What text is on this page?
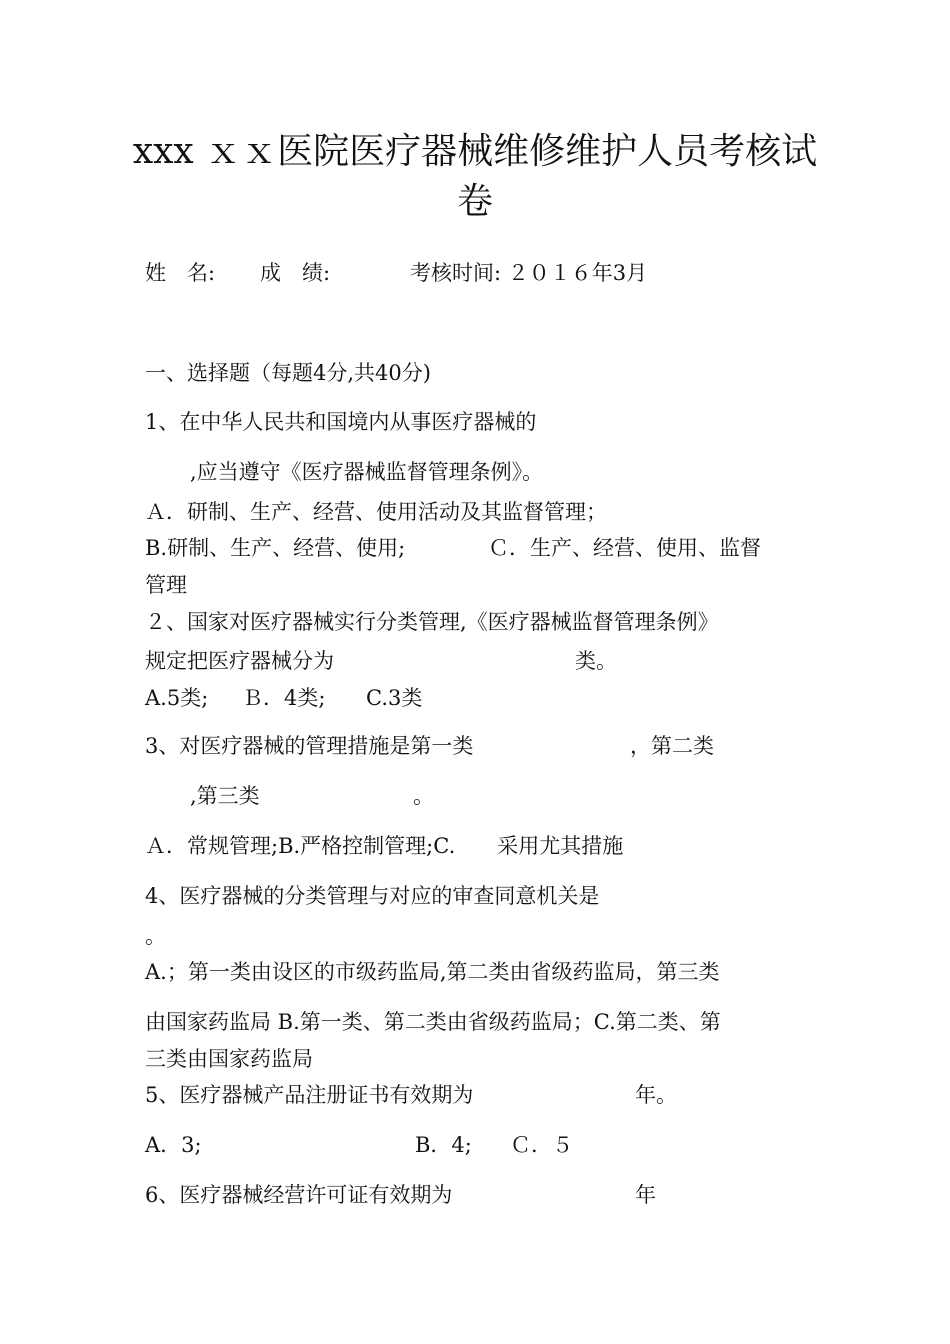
xxx ｘｘ医院医疗器械维修维护人员考核试
卷
姓　名: 成　绩:	考核时间: ２０１６年3月
一、选择题（每题4分,共40分)
1、在中华人民共和国境内从事医疗器械的
,应当遵守《医疗器械监督管理条例》。
Ａ．研制、生产、经营、使用活动及其监督管理；
B.研制、生产、经营、使用;	Ｃ．生产、经营、使用、监督
管理
２、国家对医疗器械实行分类管理,《医疗器械监督管理条例》
规定把医疗器械分为	类。
A.5类; Ｂ．4类; C.3类
3、对医疗器械的管理措施是第一类	，第二类
,第三类	。
Ａ．常规管理;B.严格控制管理;C.　　采用尤其措施
4、医疗器械的分类管理与对应的审查同意机关是
。
A.；第一类由设区的市级药监局,第二类由省级药监局，第三类
由国家药监局 B.第一类、第二类由省级药监局；C.第二类、第
三类由国家药监局
5、医疗器械产品注册证书有效期为	年。
A．3;	B．4; Ｃ．５
6、医疗器械经营许可证有效期为	年
